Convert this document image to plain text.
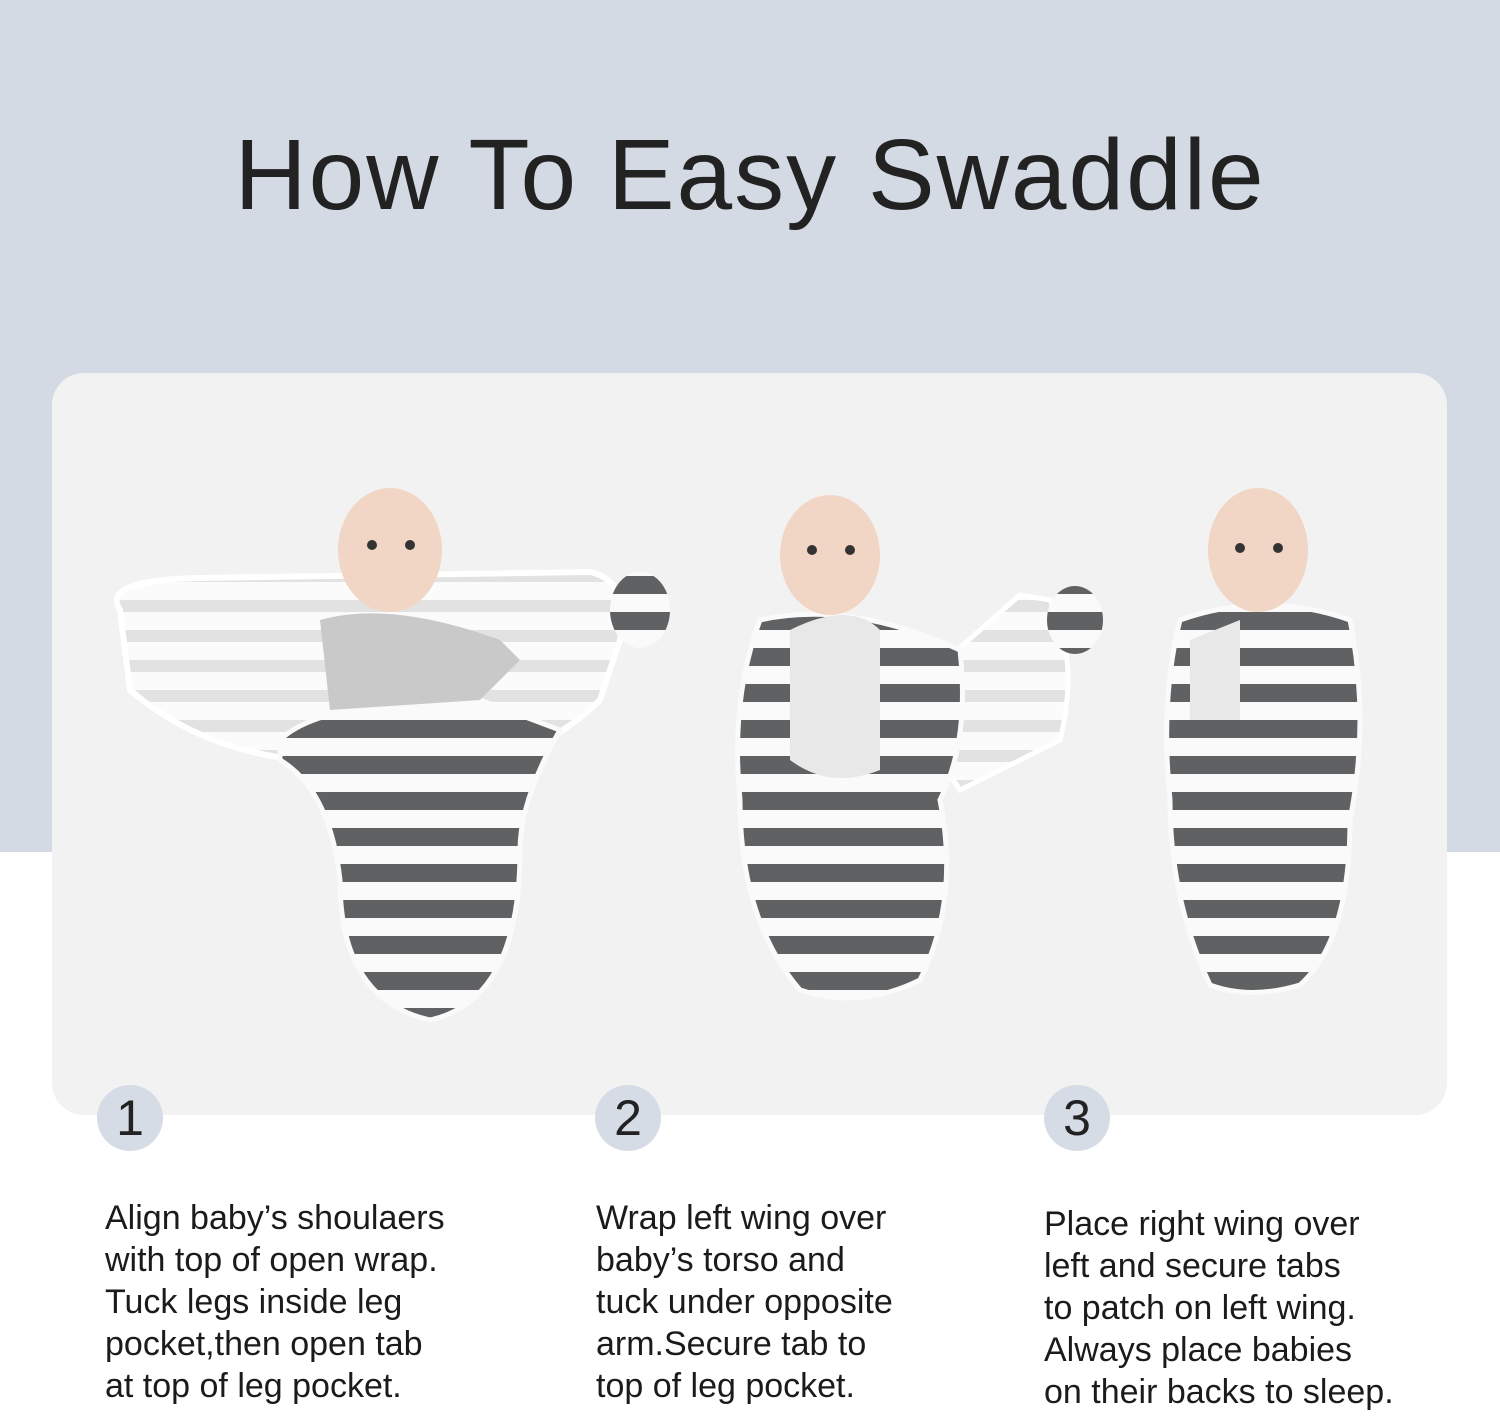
How To Easy Swaddle
1	2	3
Align baby’s shoulaers
with top of open wrap.
Tuck legs inside leg
pocket,then open tab
at top of leg pocket.
Wrap left wing over
baby’s torso and
tuck under opposite
arm.Secure tab to
top of leg pocket.
Place right wing over
left and secure tabs
to patch on left wing.
Always place babies
on their backs to sleep.
